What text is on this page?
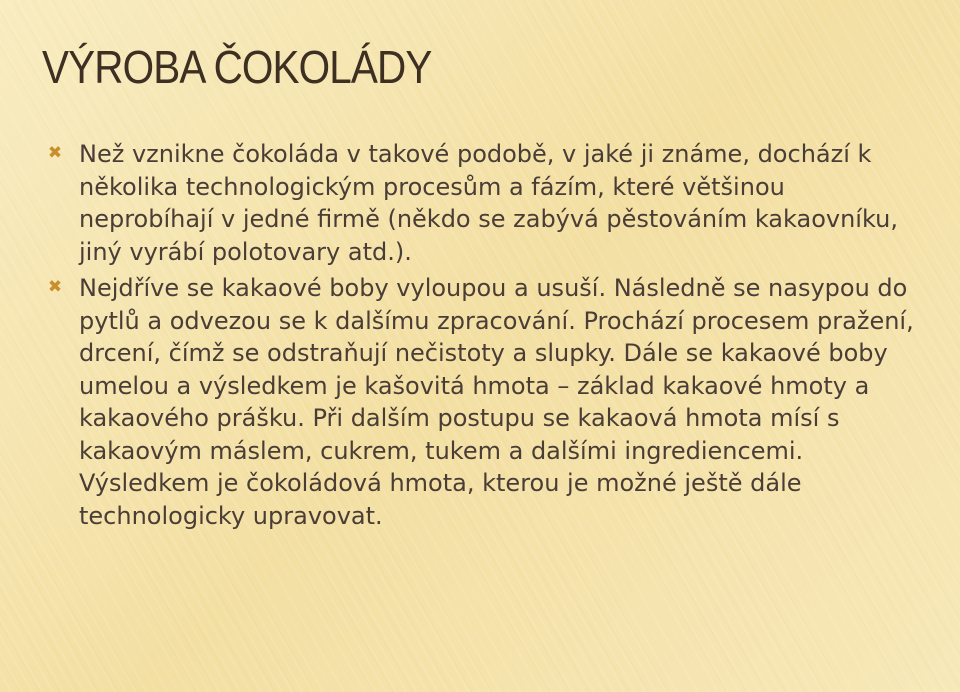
VÝROBA ČOKOLÁDY
✖ Než vznikne čokoláda v takové podobě, v jaké ji známe, dochází k několika technologickým procesům a fázím, které většinou neprobíhají v jedné firmě (někdo se zabývá pěstováním kakaovníku, jiný vyrábí polotovary atd.).
✖ Nejdříve se kakaové boby vyloupou a usuší. Následně se nasypou do pytlů a odvezou se k dalšímu zpracování. Prochází procesem pražení, drcení, čímž se odstraňují nečistoty a slupky. Dále se kakaové boby umelou a výsledkem je kašovitá hmota – základ kakaové hmoty a kakaového prášku. Při dalším postupu se kakaová hmota mísí s kakaovým máslem, cukrem, tukem a dalšími ingrediencemi. Výsledkem je čokoládová hmota, kterou je možné ještě dále technologicky upravovat.
